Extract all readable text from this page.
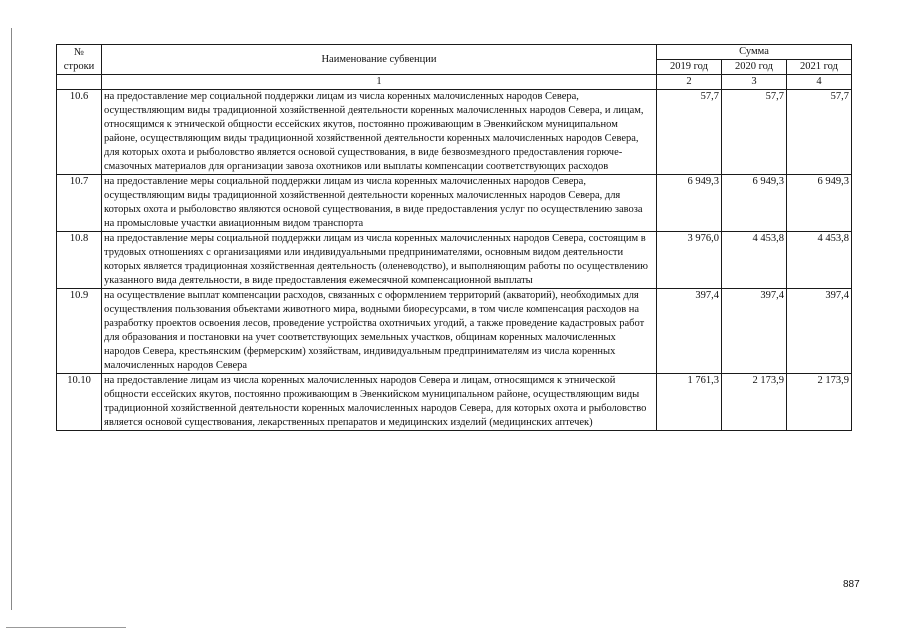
№ строки	Наименование субвенции	Сумма		
		2019 год	2020 год	2021 год
	1	2	3	4
10.6	на предоставление мер социальной поддержки лицам из числа коренных малочисленных народов Севера, осуществляющим виды традиционной хозяйственной деятельности коренных малочисленных народов Севера, и лицам, относящимся к этнической общности ессейских якутов, постоянно проживающим в Эвенкийском муниципальном районе, осуществляющим виды традиционной хозяйственной деятельности коренных малочисленных народов Севера, для которых охота и рыболовство является основой существования, в виде безвозмездного предоставления горюче-смазочных материалов для организации завоза охотников или выплаты компенсации соответствующих расходов	57,7	57,7	57,7
10.7	на предоставление меры социальной поддержки лицам из числа коренных малочисленных народов Севера, осуществляющим виды традиционной хозяйственной деятельности коренных малочисленных народов Севера, для которых охота и рыболовство являются основой существования, в виде предоставления услуг по осуществлению завоза на промысловые участки авиационным видом транспорта	6 949,3	6 949,3	6 949,3
10.8	на предоставление меры социальной поддержки лицам из числа коренных малочисленных народов Севера, состоящим в трудовых отношениях с организациями или индивидуальными предпринимателями, основным видом деятельности которых является традиционная хозяйственная деятельность (оленеводство), и выполняющим работы по осуществлению указанного вида деятельности, в виде предоставления ежемесячной компенсационной выплаты	3 976,0	4 453,8	4 453,8
10.9	на осуществление выплат компенсации расходов, связанных с оформлением территорий (акваторий), необходимых для осуществления пользования объектами животного мира, водными биоресурсами, в том числе компенсация расходов на разработку проектов освоения лесов, проведение устройства охотничьих угодий, а также проведение кадастровых работ для образования и постановки на учет соответствующих земельных участков, общинам коренных малочисленных народов Севера, крестьянским (фермерским) хозяйствам, индивидуальным предпринимателям из числа коренных малочисленных народов Севера	397,4	397,4	397,4
10.10	на предоставление лицам из числа коренных малочисленных народов Севера и лицам, относящимся к этнической общности ессейских якутов, постоянно проживающим в Эвенкийском муниципальном районе, осуществляющим виды традиционной хозяйственной деятельности коренных малочисленных народов Севера, для которых охота и рыболовство является основой существования, лекарственных препаратов и медицинских изделий (медицинских аптечек)	1 761,3	2 173,9	2 173,9
887
